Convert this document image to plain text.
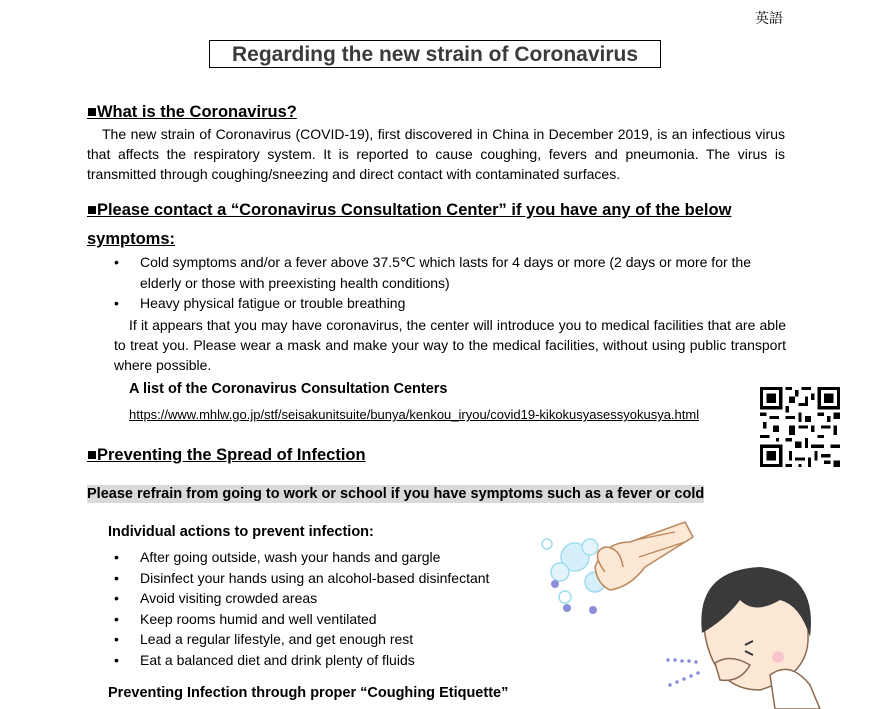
英語
Regarding the new strain of Coronavirus
■What is the Coronavirus?
The new strain of Coronavirus (COVID-19), first discovered in China in December 2019, is an infectious virus that affects the respiratory system. It is reported to cause coughing, fevers and pneumonia. The virus is transmitted through coughing/sneezing and direct contact with contaminated surfaces.
■Please contact a “Coronavirus Consultation Center” if you have any of the below
symptoms:
• Cold symptoms and/or a fever above 37.5℃ which lasts for 4 days or more (2 days or more for the elderly or those with preexisting health conditions)
• Heavy physical fatigue or trouble breathing
If it appears that you may have coronavirus, the center will introduce you to medical facilities that are able to treat you. Please wear a mask and make your way to the medical facilities, without using public transport where possible.
A list of the Coronavirus Consultation Centers
https://www.mhlw.go.jp/stf/seisakunitsuite/bunya/kenkou_iryou/covid19-kikokusyasessyokusya.html
■Preventing the Spread of Infection
Please refrain from going to work or school if you have symptoms such as a fever or cold
Individual actions to prevent infection:
• After going outside, wash your hands and gargle
• Disinfect your hands using an alcohol-based disinfectant
• Avoid visiting crowded areas
• Keep rooms humid and well ventilated
• Lead a regular lifestyle, and get enough rest
• Eat a balanced diet and drink plenty of fluids
Preventing Infection through proper “Coughing Etiquette”
